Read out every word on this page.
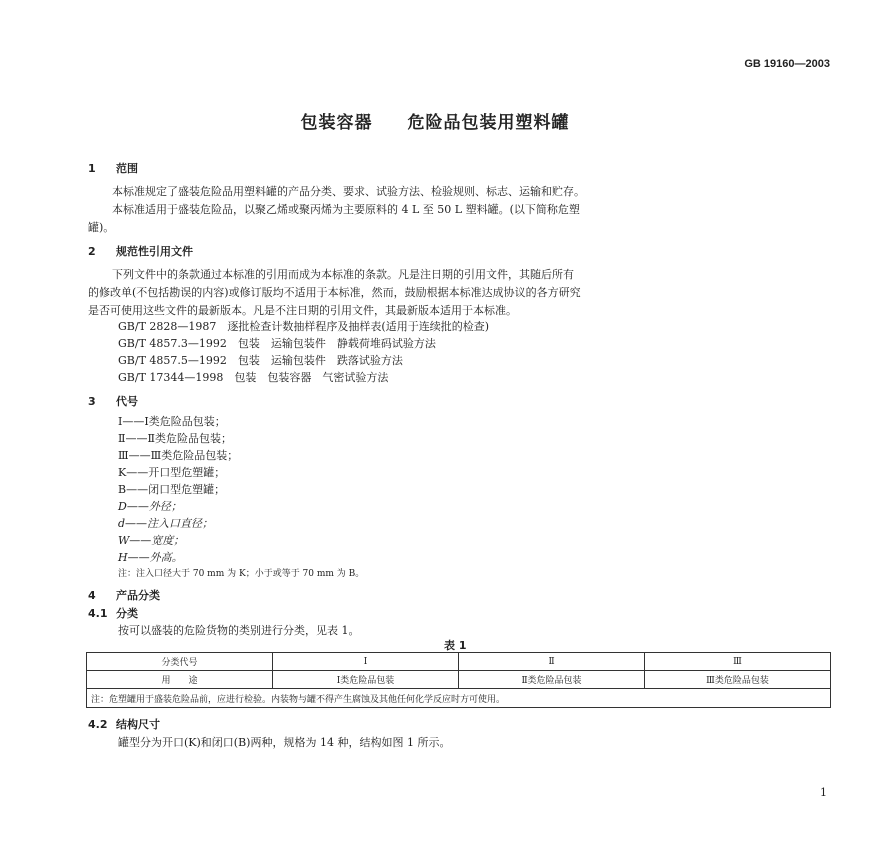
GB 19160—2003
包装容器 危险品包装用塑料罐
1 范围
本标准规定了盛装危险品用塑料罐的产品分类、要求、试验方法、检验规则、标志、运输和贮存。
本标准适用于盛装危险品，以聚乙烯或聚丙烯为主要原料的 4 L 至 50 L 塑料罐。(以下简称危塑
罐)。
2 规范性引用文件
下列文件中的条款通过本标准的引用而成为本标准的条款。凡是注日期的引用文件，其随后所有
的修改单(不包括勘误的内容)或修订版均不适用于本标准，然而，鼓励根据本标准达成协议的各方研究
是否可使用这些文件的最新版本。凡是不注日期的引用文件，其最新版本适用于本标准。
GB/T 2828—1987　逐批检查计数抽样程序及抽样表(适用于连续批的检查)
GB/T 4857.3—1992　包装　运输包装件　静载荷堆码试验方法
GB/T 4857.5—1992　包装　运输包装件　跌落试验方法
GB/T 17344—1998　包装　包装容器　气密试验方法
3 代号
Ⅰ——Ⅰ类危险品包装；
Ⅱ——Ⅱ类危险品包装；
Ⅲ——Ⅲ类危险品包装；
K——开口型危塑罐；
B——闭口型危塑罐；
D——外径；
d——注入口直径；
W——宽度；
H——外高。
注：注入口径大于 70 mm 为 K；小于或等于 70 mm 为 B。
4 产品分类
4.1 分类
按可以盛装的危险货物的类别进行分类，见表 1。
表 1
分类代号	Ⅰ	Ⅱ	Ⅲ
用　　途	Ⅰ类危险品包装	Ⅱ类危险品包装	Ⅲ类危险品包装
注：危塑罐用于盛装危险品前，应进行检验。内装物与罐不得产生腐蚀及其他任何化学反应时方可使用。			
4.2 结构尺寸
罐型分为开口(K)和闭口(B)两种，规格为 14 种，结构如图 1 所示。
1
